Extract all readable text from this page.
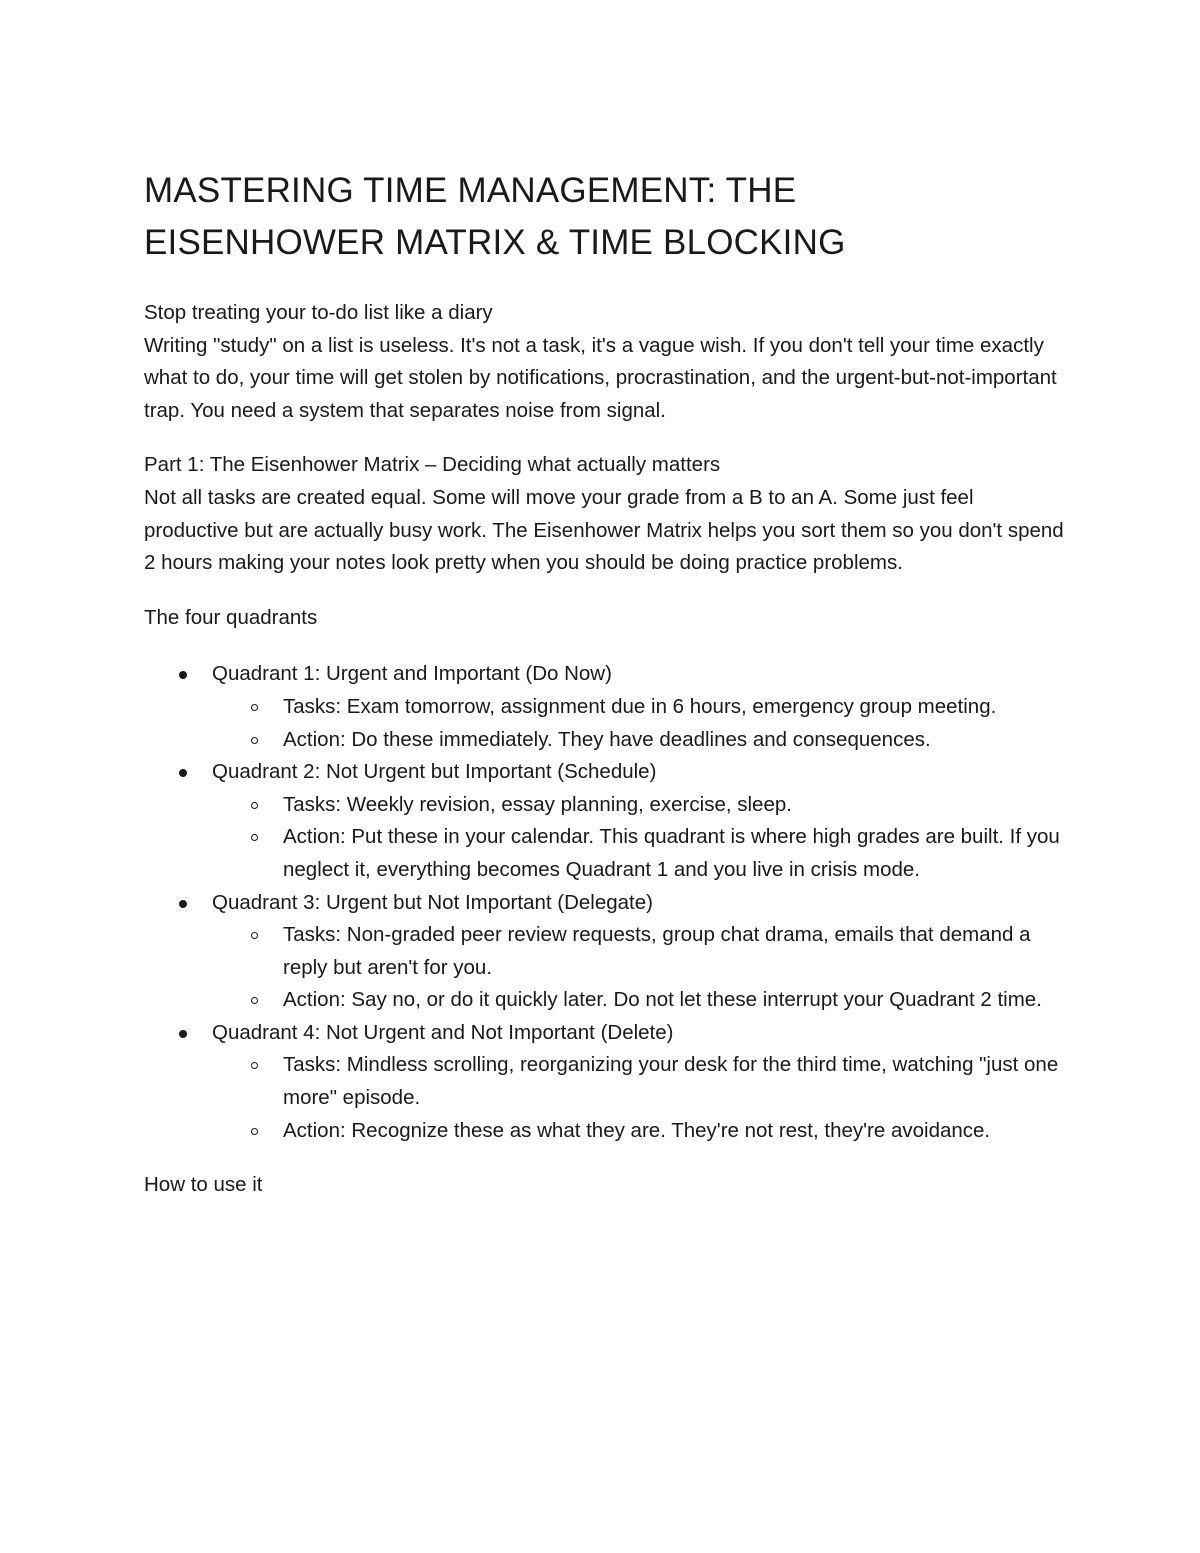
MASTERING TIME MANAGEMENT: THE
EISENHOWER MATRIX & TIME BLOCKING

Stop treating your to-do list like a diary

Writing "study" on a list is useless. It's not a task, it's a vague wish. If you don't tell your time exactly what to do, your time will get stolen by notifications, procrastination, and the urgent-but-not-important trap. You need a system that separates noise from signal.

Part 1: The Eisenhower Matrix – Deciding what actually matters

Not all tasks are created equal. Some will move your grade from a B to an A. Some just feel productive but are actually busy work. The Eisenhower Matrix helps you sort them so you don't spend 2 hours making your notes look pretty when you should be doing practice problems.

The four quadrants

Quadrant 1: Urgent and Important (Do Now)
Tasks: Exam tomorrow, assignment due in 6 hours, emergency group meeting.
Action: Do these immediately. They have deadlines and consequences.
Quadrant 2: Not Urgent but Important (Schedule)
Tasks: Weekly revision, essay planning, exercise, sleep.
Action: Put these in your calendar. This quadrant is where high grades are built. If you neglect it, everything becomes Quadrant 1 and you live in crisis mode.
Quadrant 3: Urgent but Not Important (Delegate)
Tasks: Non-graded peer review requests, group chat drama, emails that demand a reply but aren't for you.
Action: Say no, or do it quickly later. Do not let these interrupt your Quadrant 2 time.
Quadrant 4: Not Urgent and Not Important (Delete)
Tasks: Mindless scrolling, reorganizing your desk for the third time, watching "just one more" episode.
Action: Recognize these as what they are. They're not rest, they're avoidance.

How to use it
